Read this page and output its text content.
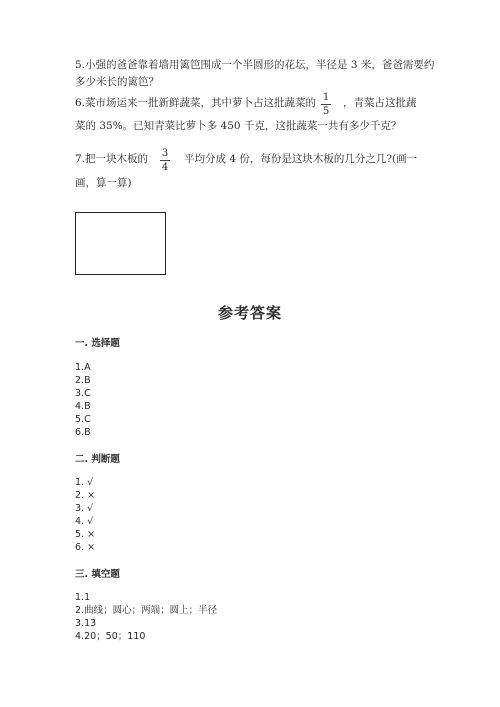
5.小强的爸爸靠着墙用篱笆围成一个半圆形的花坛，半径是 3 米，爸爸需要约
多少米长的篱笆？
6.菜市场运来一批新鲜蔬菜，其中萝卜占这批蔬菜的 1
5
，青菜占这批蔬
菜的 35%。已知青菜比萝卜多 450 千克，这批蔬菜一共有多少千克？
7.把一块木板的	3
4
平均分成 4 份，每份是这块木板的几分之几?(画一
画，算一算)
参考答案
一. 选择题
1.A
2.B
3.C
4.B
5.C
6.B
二. 判断题
1. √
2. ×
3. √
4. √
5. ×
6. ×
三. 填空题
1.1
2.曲线；圆心；两端；圆上；半径
3.13
4.20；50；110
